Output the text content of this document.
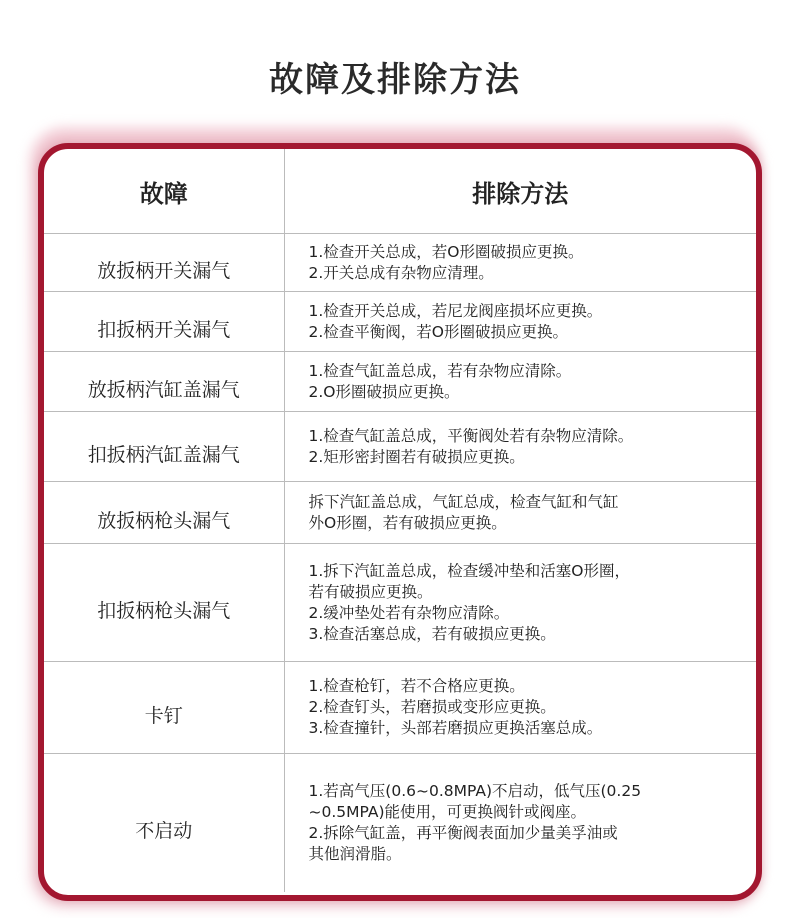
故障及排除方法
故障	排除方法
放扳柄开关漏气	1.检查开关总成，若O形圈破损应更换。
2.开关总成有杂物应清理。

扣扳柄开关漏气	1.检查开关总成，若尼龙阀座损坏应更换。
2.检查平衡阀，若O形圈破损应更换。

放扳柄汽缸盖漏气	1.检查气缸盖总成，若有杂物应清除。
2.O形圈破损应更换。

扣扳柄汽缸盖漏气	1.检查气缸盖总成，平衡阀处若有杂物应清除。
2.矩形密封圈若有破损应更换。

放扳柄枪头漏气	拆下汽缸盖总成，气缸总成，检查气缸和气缸
外O形圈，若有破损应更换。

扣扳柄枪头漏气	1.拆下汽缸盖总成，检查缓冲垫和活塞O形圈，
若有破损应更换。
2.缓冲垫处若有杂物应清除。
3.检查活塞总成，若有破损应更换。

卡钉	1.检查枪钉，若不合格应更换。
2.检查钉头，若磨损或变形应更换。
3.检查撞针，头部若磨损应更换活塞总成。

不启动	1.若高气压(0.6~0.8MPA)不启动，低气压(0.25
~0.5MPA)能使用，可更换阀针或阀座。
2.拆除气缸盖，再平衡阀表面加少量美孚油或
其他润滑脂。
